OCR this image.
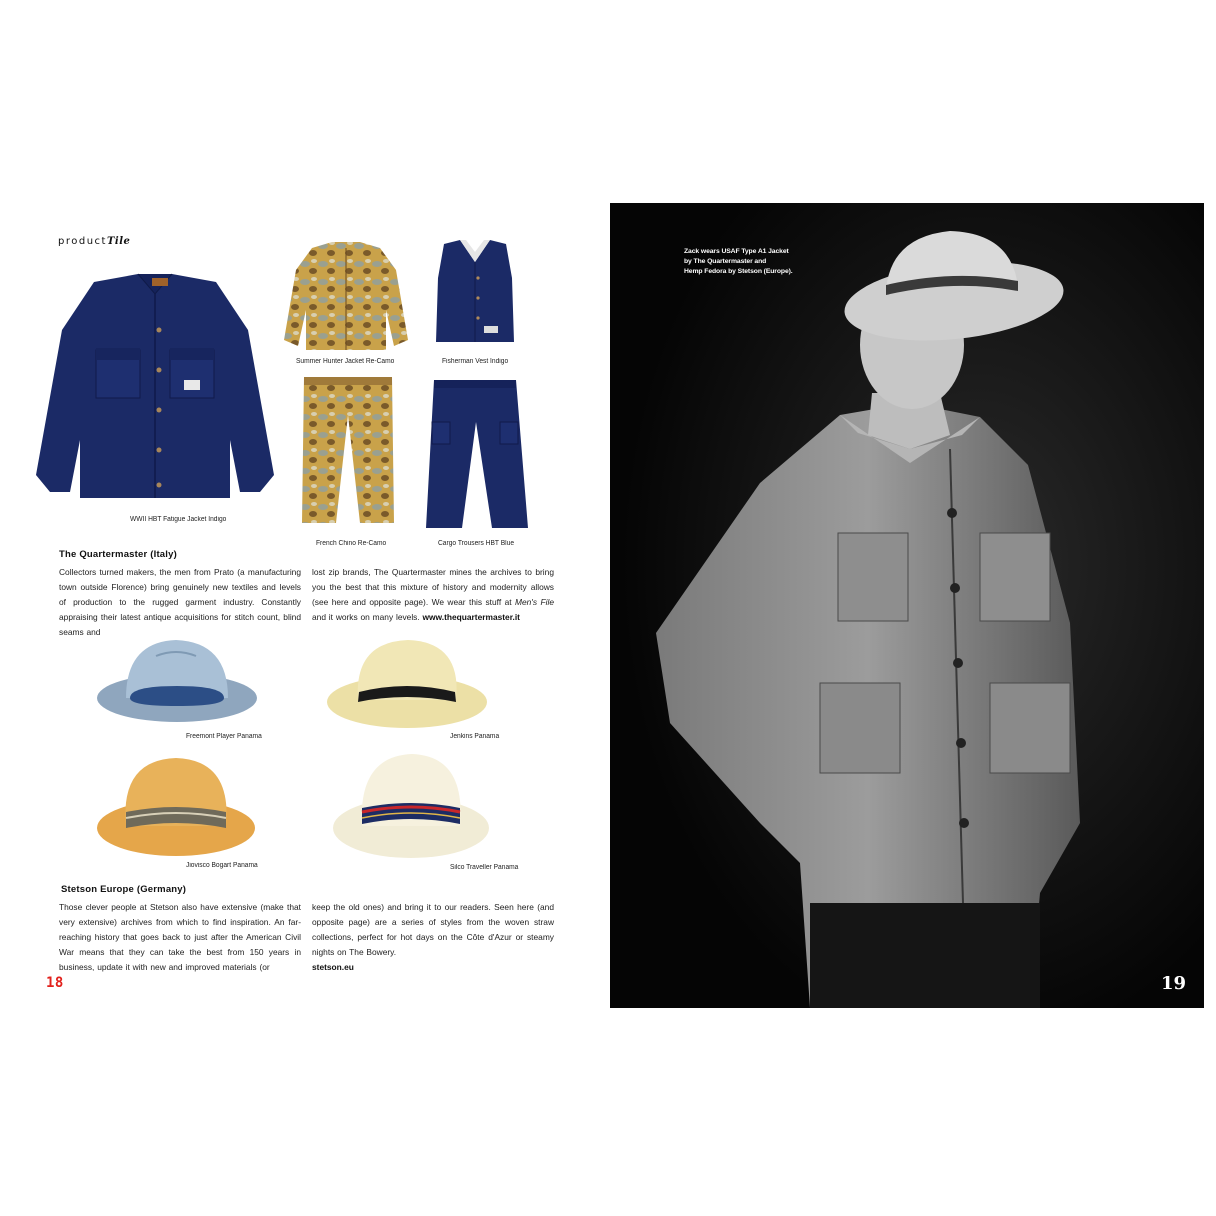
productTile
WWII HBT Fatigue Jacket Indigo
Summer Hunter Jacket Re-Camo	Fisherman Vest Indigo
French Chino Re-Camo	Cargo Trousers HBT Blue
The Quartermaster (Italy)
Collectors turned makers, the men from Prato (a manufacturing town outside Florence) bring genuinely new textiles and levels of production to the rugged garment industry. Constantly appraising their latest antique acquisitions for stitch count, blind seams and
lost zip brands, The Quartermaster mines the archives to bring you the best that this mixture of history and modernity allows (see here and opposite page). We wear this stuff at Men's File and it works on many levels. www.thequartermaster.it
Freemont Player Panama	Jenkins Panama
Jiovisco Bogart Panama	Silco Traveller Panama
Stetson Europe (Germany)
Those clever people at Stetson also have extensive (make that very extensive) archives from which to find inspiration. An far-reaching history that goes back to just after the American Civil War means that they can take the best from 150 years in business, update it with new and improved materials (or
keep the old ones) and bring it to our readers. Seen here (and opposite page) are a series of styles from the woven straw collections, perfect for hot days on the Côte d'Azur or steamy nights on The Bowery.
stetson.eu
18
Zack wears USAF Type A1 Jacket
by The Quartermaster and
Hemp Fedora by Stetson (Europe).
19
